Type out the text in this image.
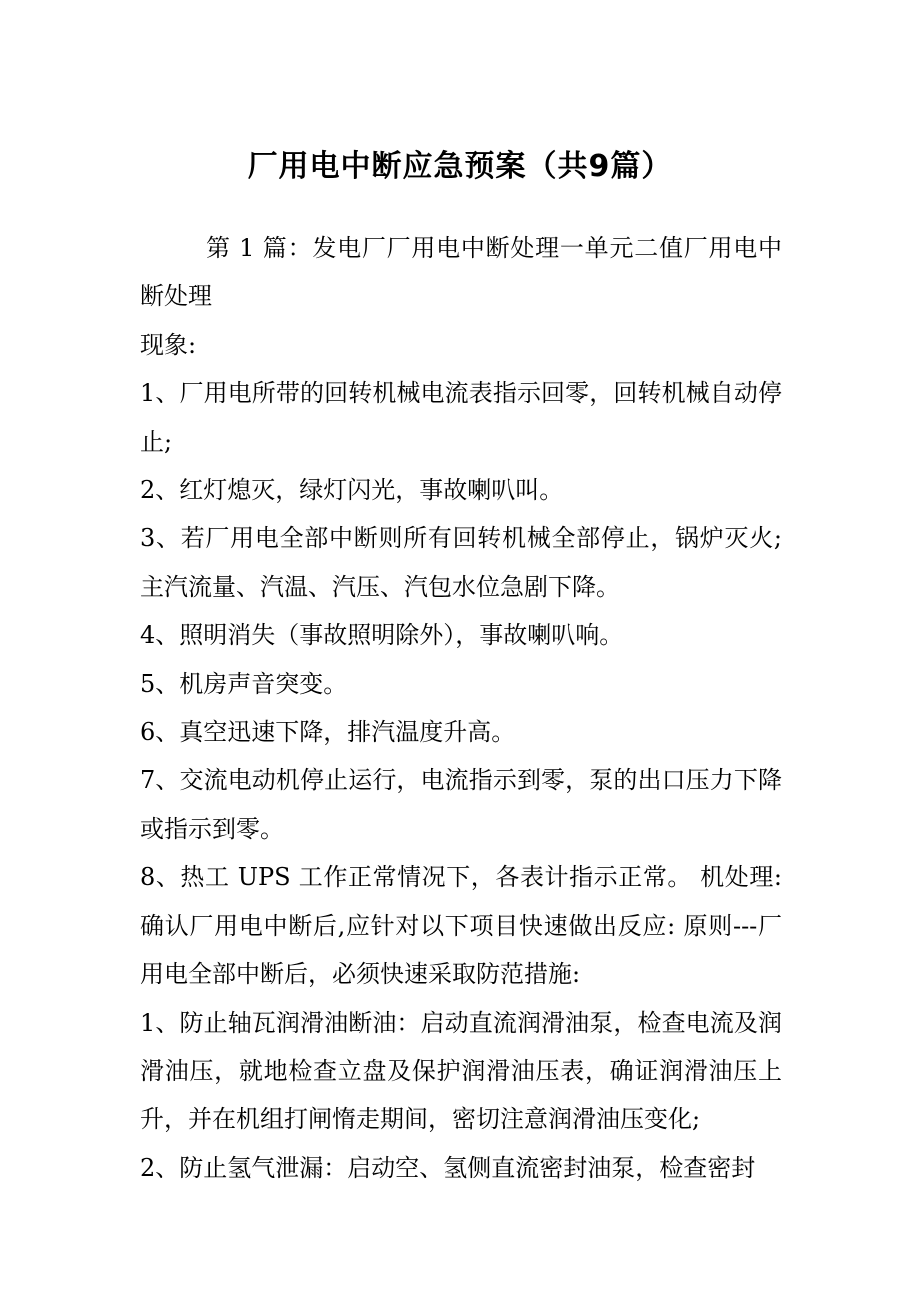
厂用电中断应急预案（共9篇）

第 1 篇：发电厂厂用电中断处理一单元二值厂用电中断处理

现象:

1、厂用电所带的回转机械电流表指示回零，回转机械自动停止;

2、红灯熄灭，绿灯闪光，事故喇叭叫。

3、若厂用电全部中断则所有回转机械全部停止，锅炉灭火;主汽流量、汽温、汽压、汽包水位急剧下降。

4、照明消失（事故照明除外），事故喇叭响。

5、机房声音突变。

6、真空迅速下降，排汽温度升高。

7、交流电动机停止运行，电流指示到零，泵的出口压力下降或指示到零。

8、热工 UPS 工作正常情况下，各表计指示正常。 机处理:确认厂用电中断后,应针对以下项目快速做出反应: 原则---厂用电全部中断后，必须快速采取防范措施:

1、防止轴瓦润滑油断油：启动直流润滑油泵，检查电流及润滑油压，就地检查立盘及保护润滑油压表，确证润滑油压上升，并在机组打闸惰走期间，密切注意润滑油压变化;

2、防止氢气泄漏：启动空、氢侧直流密封油泵，检查密封
